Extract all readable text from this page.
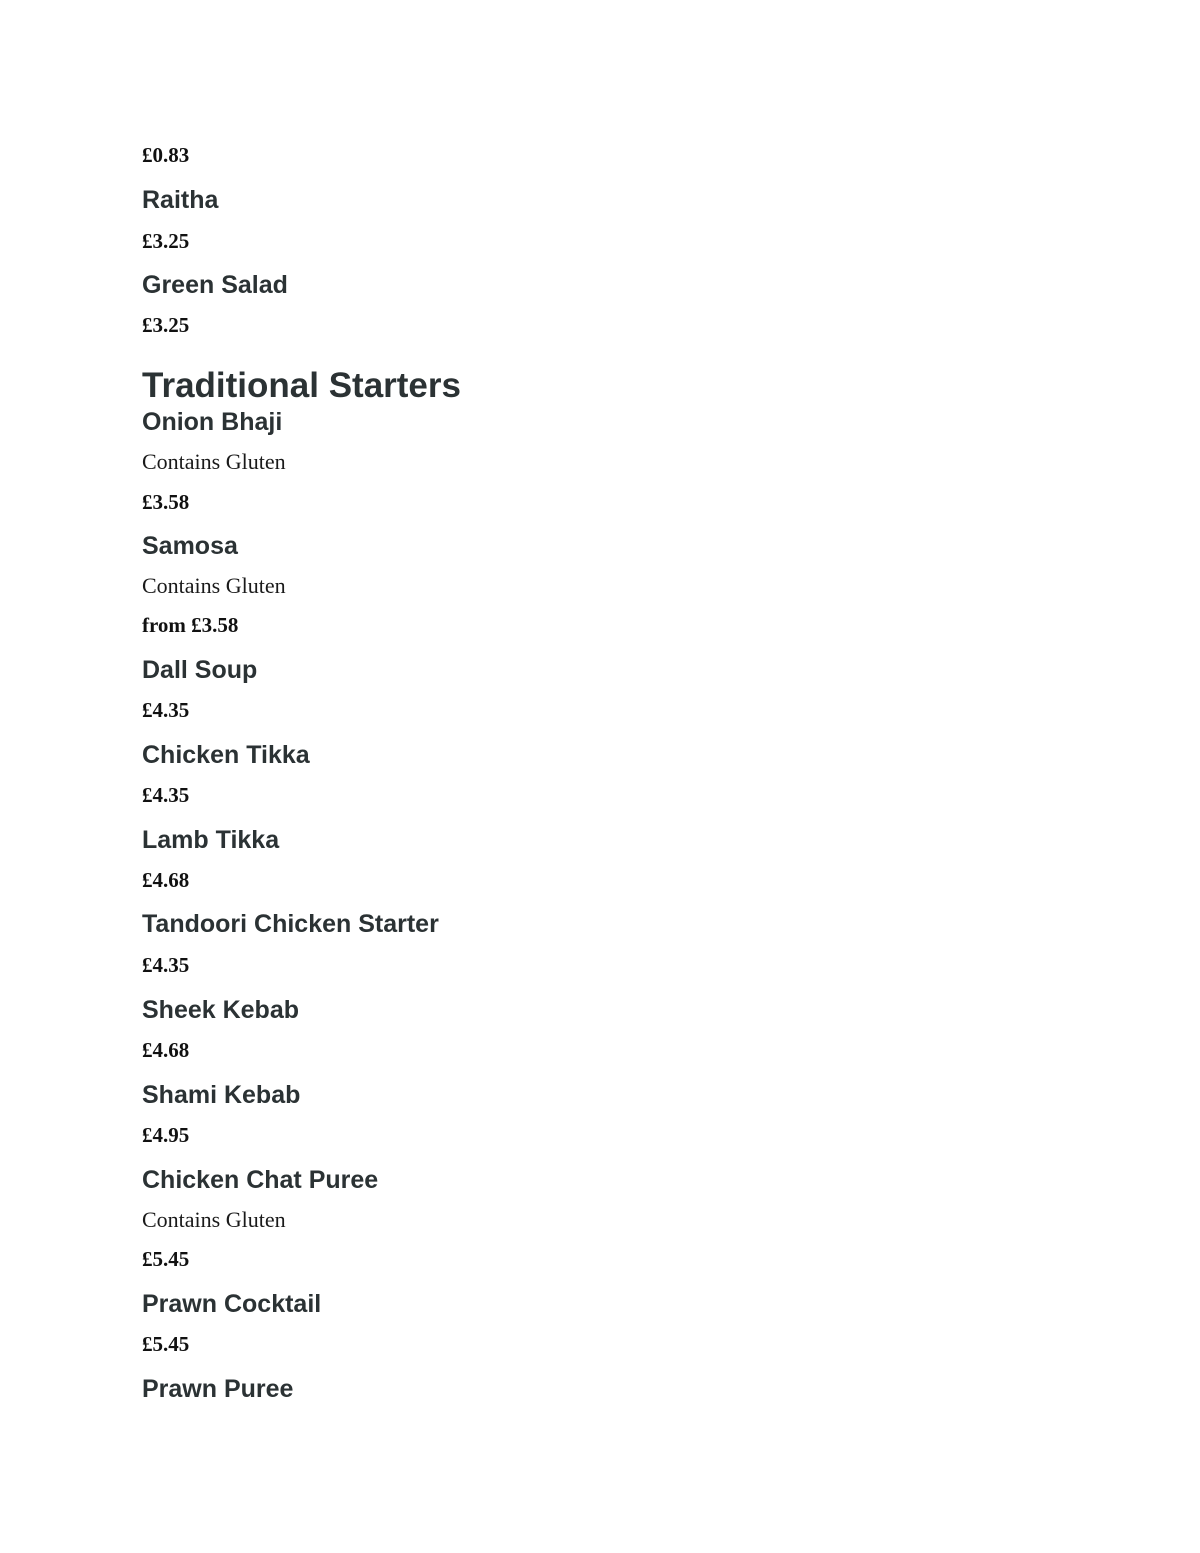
£0.83
Raitha
£3.25
Green Salad
£3.25
Traditional Starters
Onion Bhaji
Contains Gluten
£3.58
Samosa
Contains Gluten
from £3.58
Dall Soup
£4.35
Chicken Tikka
£4.35
Lamb Tikka
£4.68
Tandoori Chicken Starter
£4.35
Sheek Kebab
£4.68
Shami Kebab
£4.95
Chicken Chat Puree
Contains Gluten
£5.45
Prawn Cocktail
£5.45
Prawn Puree
